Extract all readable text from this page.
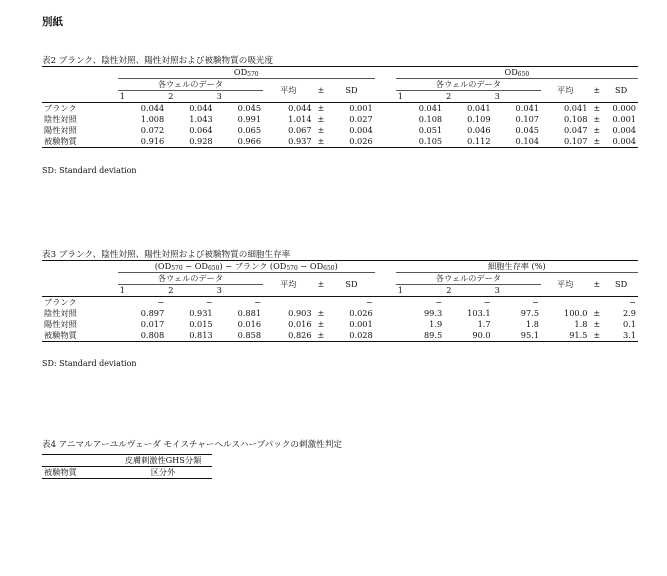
別紙
表2 ブランク、陰性対照、陽性対照および被験物質の吸光度
	$OD_{570}$							$OD_{650}$
	各ウェルのデータ			平均	±	SD		各ウェルのデータ			平均	±	SD
	1	2	3					1	2	3			
ブランク	0.044	0.044	0.045	0.044	±	0.001		0.041	0.041	0.041	0.041	±	0.000
陰性対照	1.008	1.043	0.991	1.014	±	0.027		0.108	0.109	0.107	0.108	±	0.001
陽性対照	0.072	0.064	0.065	0.067	±	0.004		0.051	0.046	0.045	0.047	±	0.004
被験物質	0.916	0.928	0.966	0.937	±	0.026		0.105	0.112	0.104	0.107	±	0.004
SD: Standard deviation
表3 ブランク、陰性対照、陽性対照および被験物質の細胞生存率
	$(OD_{570} - OD_{650})$ − ブランク $(OD_{570} - OD_{650})$							細胞生存率 (%)					
	各ウェルのデータ			平均	±	SD		各ウェルのデータ			平均	±	SD
	1	2	3					1	2	3			
ブランク	−	−	−			−		−	−	−			−
陰性対照	0.897	0.931	0.881	0.903	±	0.026		99.3	103.1	97.5	100.0	±	2.9
陽性対照	0.017	0.015	0.016	0.016	±	0.001		1.9	1.7	1.8	1.8	±	0.1
被験物質	0.808	0.813	0.858	0.826	±	0.028		89.5	90.0	95.1	91.5	±	3.1
SD: Standard deviation
表4 アニマルアーユルヴェーダ モイスチャーヘルスハーブパックの刺激性判定
	皮膚刺激性GHS分類
被験物質	区分外
